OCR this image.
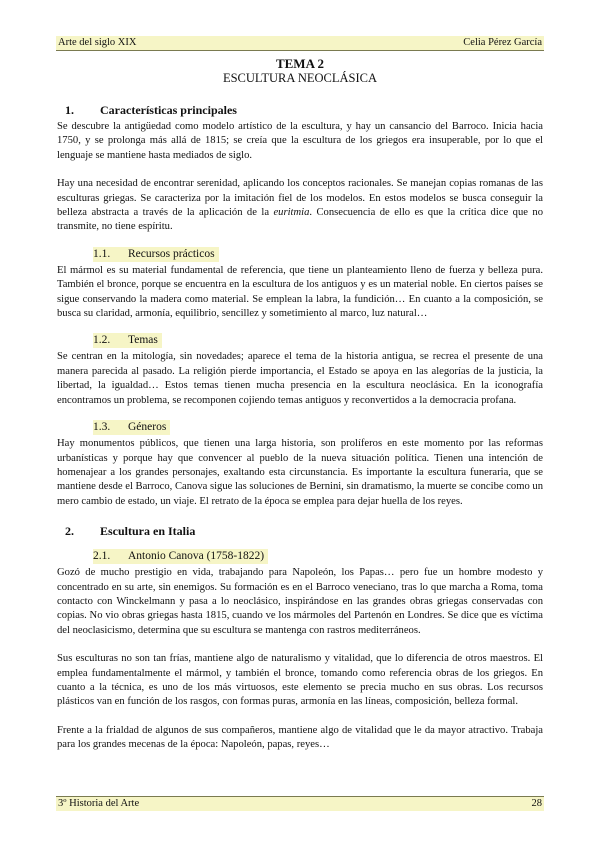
Arte del siglo XIX	Celia Pérez García
TEMA 2
ESCULTURA NEOCLÁSICA
1.	Características principales

Se descubre la antigüedad como modelo artístico de la escultura, y hay un cansancio del Barroco. Inicia hacia 1750, y se prolonga más allá de 1815; se creía que la escultura de los griegos era insuperable, por lo que el lenguaje se mantiene hasta mediados de siglo.

Hay una necesidad de encontrar serenidad, aplicando los conceptos racionales. Se manejan copias romanas de las esculturas griegas. Se caracteriza por la imitación fiel de los modelos. En estos modelos se busca conseguir la belleza abstracta a través de la aplicación de la euritmia. Consecuencia de ello es que la crítica dice que no transmite, no tiene espíritu.

1.1.	Recursos prácticos

El mármol es su material fundamental de referencia, que tiene un planteamiento lleno de fuerza y belleza pura. También el bronce, porque se encuentra en la escultura de los antiguos y es un material noble. En ciertos países se sigue conservando la madera como material. Se emplean la labra, la fundición… En cuanto a la composición, se busca su claridad, armonía, equilibrio, sencillez y sometimiento al marco, luz natural…

1.2.	Temas

Se centran en la mitología, sin novedades; aparece el tema de la historia antigua, se recrea el presente de una manera parecida al pasado. La religión pierde importancia, el Estado se apoya en las alegorías de la justicia, la libertad, la igualdad… Estos temas tienen mucha presencia en la escultura neoclásica. En la iconografía encontramos un problema, se recomponen cojiendo temas antiguos y reconvertidos a la democracia profana.

1.3.	Géneros

Hay monumentos públicos, que tienen una larga historia, son prolíferos en este momento por las reformas urbanísticas y porque hay que convencer al pueblo de la nueva situación política. Tienen una intención de homenajear a los grandes personajes, exaltando esta circunstancia. Es importante la escultura funeraria, que se mantiene desde el Barroco, Canova sigue las soluciones de Bernini, sin dramatismo, la muerte se concibe como un mero cambio de estado, un viaje. El retrato de la época se emplea para dejar huella de los reyes.

2.	Escultura en Italia
2.1.	Antonio Canova (1758-1822)

Gozó de mucho prestigio en vida, trabajando para Napoleón, los Papas… pero fue un hombre modesto y concentrado en su arte, sin enemigos. Su formación es en el Barroco veneciano, tras lo que marcha a Roma, toma contacto con Winckelmann y pasa a lo neoclásico, inspirándose en las grandes obras griegas conservadas con copias. No vio obras griegas hasta 1815, cuando ve los mármoles del Partenón en Londres. Se dice que es víctima del neoclasicismo, determina que su escultura se mantenga con rastros mediterráneos.

Sus esculturas no son tan frías, mantiene algo de naturalismo y vitalidad, que lo diferencia de otros maestros. El emplea fundamentalmente el mármol, y también el bronce, tomando como referencia obras de los griegos. En cuanto a la técnica, es uno de los más virtuosos, este elemento se precia mucho en sus obras. Los recursos plásticos van en función de los rasgos, con formas puras, armonía en las líneas, composición, belleza formal.

Frente a la frialdad de algunos de sus compañeros, mantiene algo de vitalidad que le da mayor atractivo. Trabaja para los grandes mecenas de la época: Napoleón, papas, reyes…

3º Historia del Arte	28
